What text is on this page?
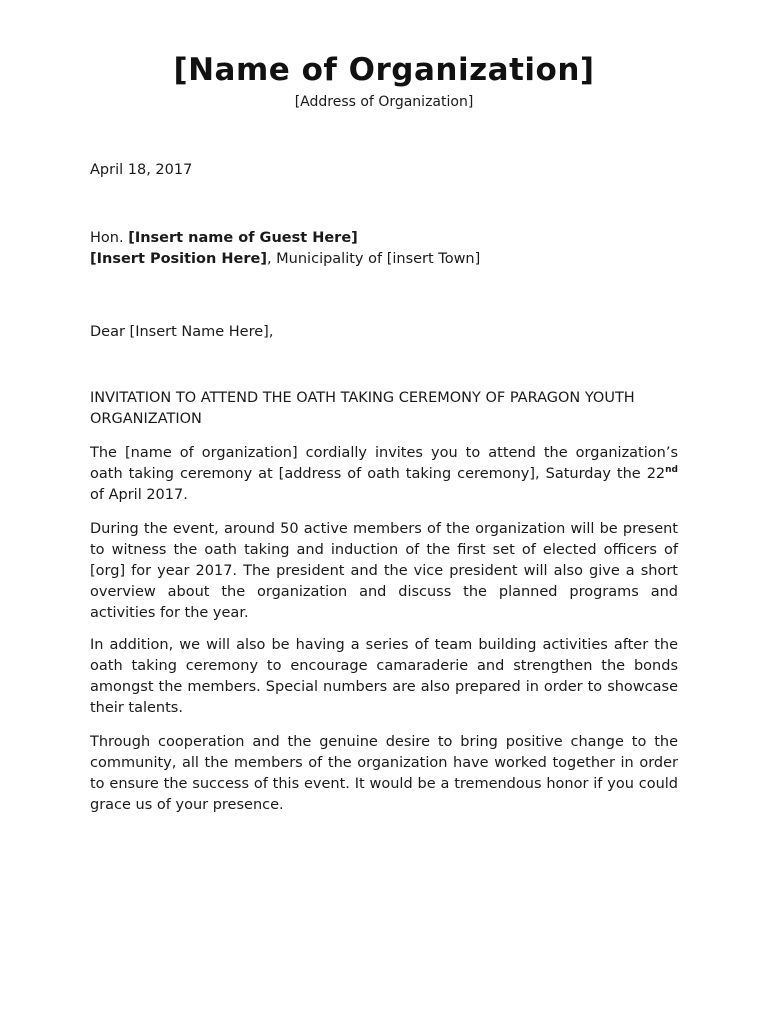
[Name of Organization]
[Address of Organization]
April 18, 2017
Hon. [Insert name of Guest Here]
[Insert Position Here], Municipality of [insert Town]
Dear [Insert Name Here],
INVITATION TO ATTEND THE OATH TAKING CEREMONY OF PARAGON YOUTH ORGANIZATION
The [name of organization] cordially invites you to attend the organization’s oath taking ceremony at [address of oath taking ceremony], Saturday the 22nd of April 2017.
During the event, around 50 active members of the organization will be present to witness the oath taking and induction of the first set of elected officers of [org] for year 2017. The president and the vice president will also give a short overview about the organization and discuss the planned programs and activities for the year.
In addition, we will also be having a series of team building activities after the oath taking ceremony to encourage camaraderie and strengthen the bonds amongst the members. Special numbers are also prepared in order to showcase their talents.
Through cooperation and the genuine desire to bring positive change to the community, all the members of the organization have worked together in order to ensure the success of this event. It would be a tremendous honor if you could grace us of your presence.
